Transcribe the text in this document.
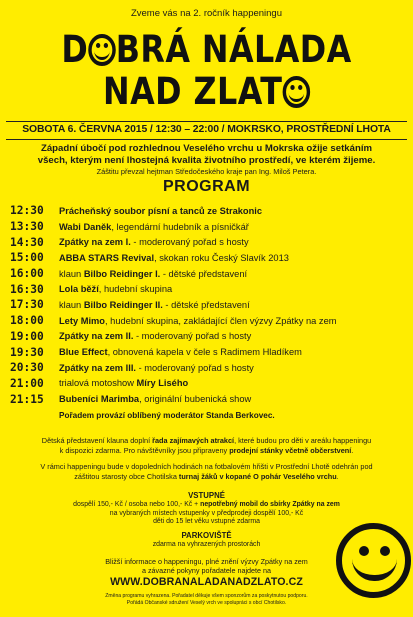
Zveme vás na 2. ročník happeningu
D BRÁ NÁLADA
NAD ZLAT
SOBOTA 6. ČERVNA 2015 / 12:30 – 22:00 / MOKRSKO, PROSTŘEDNÍ LHOTA
Západní úbočí pod rozhlednou Veselého vrchu u Mokrska ožije setkáním
všech, kterým není lhostejná kvalita životního prostředí, ve kterém žijeme.
Záštitu převzal hejtman Středočeského kraje pan Ing. Miloš Petera.
PROGRAM
12:30	Prácheňský soubor písní a tanců ze Strakonic
13:30	Wabi Daněk, legendární hudebník a písničkář
14:30	Zpátky na zem I. - moderovaný pořad s hosty
15:00	ABBA STARS Revival, skokan roku Český Slavík 2013
16:00	klaun Bilbo Reidinger I. - dětské představení
16:30	Lola běží, hudební skupina
17:30	klaun Bilbo Reidinger II. - dětské představení
18:00	Lety Mimo, hudební skupina, zakládající člen výzvy Zpátky na zem
19:00	Zpátky na zem II. - moderovaný pořad s hosty
19:30	Blue Effect, obnovená kapela v čele s Radimem Hladíkem
20:30	Zpátky na zem III. - moderovaný pořad s hosty
21:00	trialová motoshow Míry Lisého
21:15	Bubeníci Marimba, originální bubenická show
Pořadem provází oblíbený moderátor Standa Berkovec.
Dětská představení klauna doplní řada zajímavých atrakcí, které budou pro děti v areálu happeningu
k dispozici zdarma. Pro návštěvníky jsou připraveny prodejní stánky včetně občerstvení.
V rámci happeningu bude v dopoledních hodinách na fotbalovém hřišti v Prostřední Lhotě odehrán pod
záštitou starosty obce Chotilska turnaj žáků v kopané O pohár Veselého vrchu.
VSTUPNÉ
dospělí 150,- Kč / osoba nebo 100,- Kč + nepotřebný mobil do sbírky Zpátky na zem
na vybraných místech vstupenky v předprodeji dospělí 100,- Kč
děti do 15 let věku vstupné zdarma
PARKOVIŠTĚ
zdarma na vyhrazených prostorách
Bližší informace o happeningu, plné znění výzvy Zpátky na zem
a závazné pokyny pořadatele najdete na
WWW.DOBRANALADANADZLATO.CZ
Změna programu vyhrazena. Pořadatel děkuje všem sponzorům za poskytnutou podporu.
Pořádá Občanské sdružení Veselý vrch ve spolupráci s obcí Chotilsko.
